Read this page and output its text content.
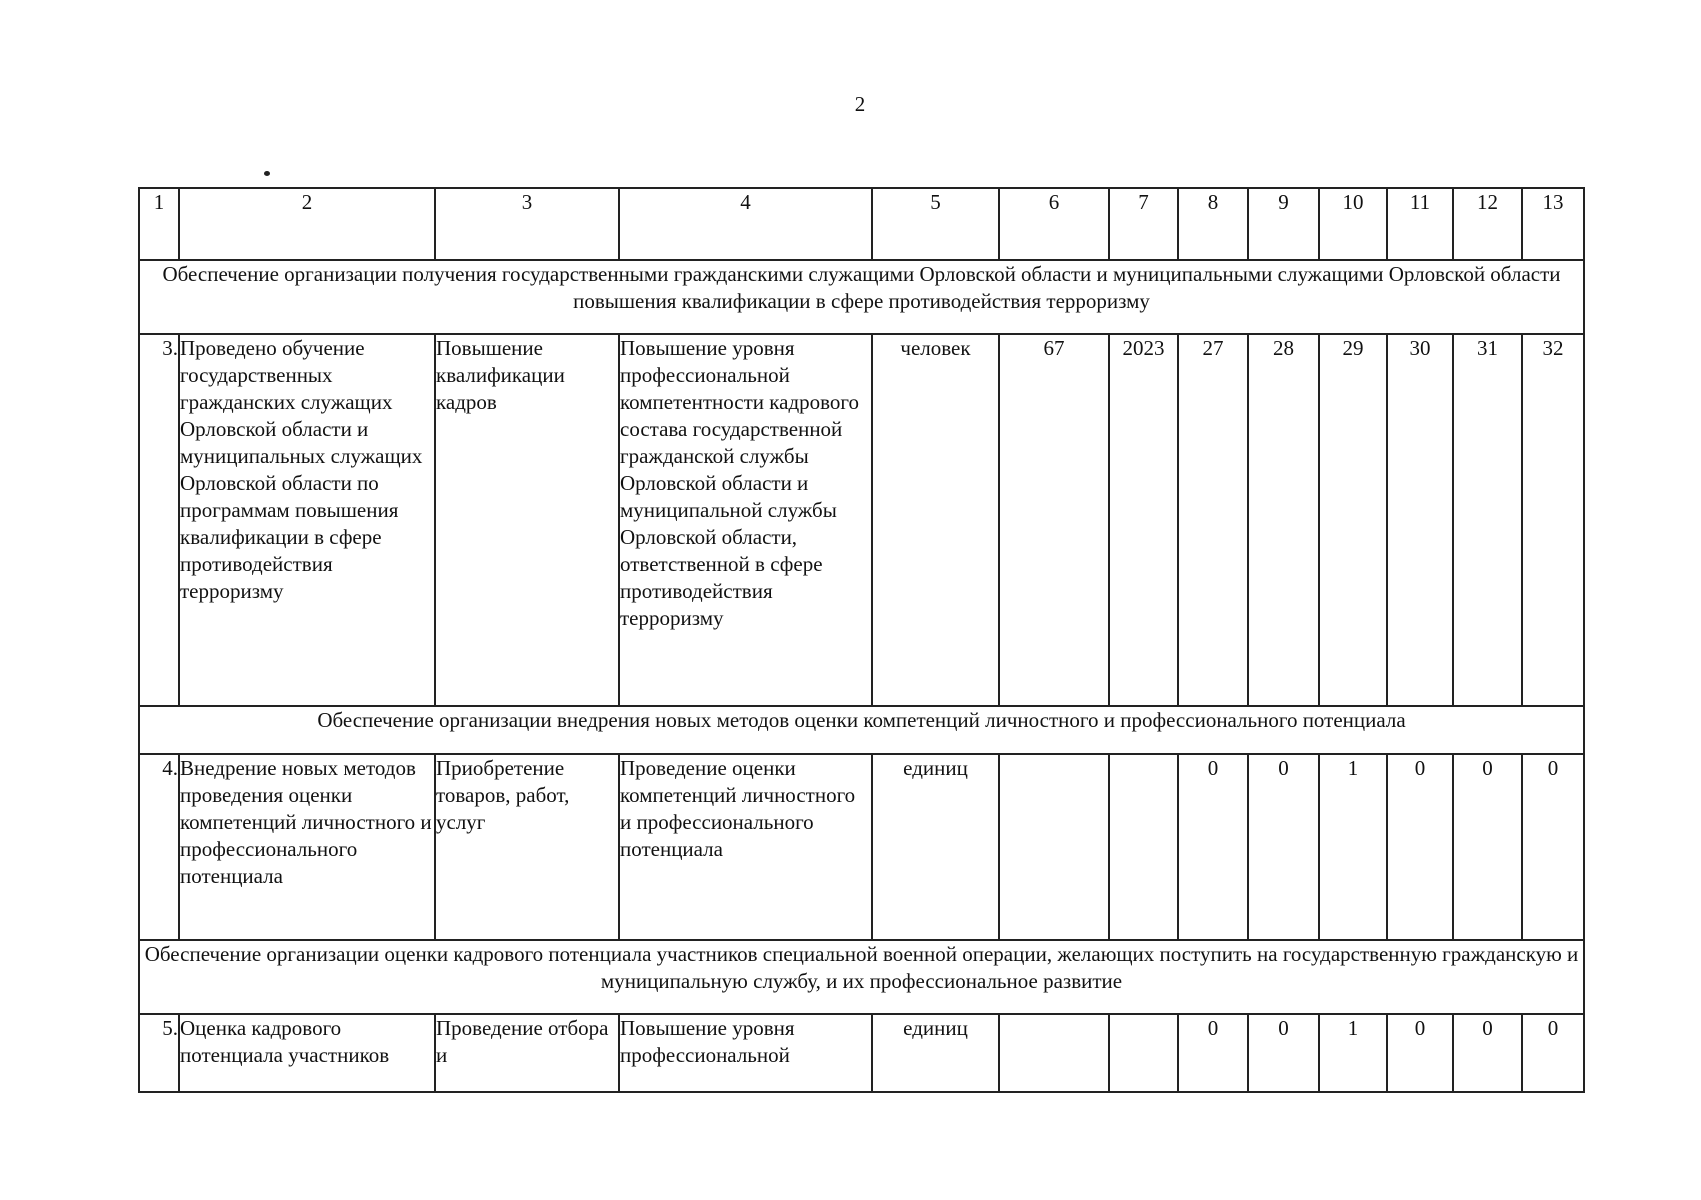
2
1	2	3	4	5	6	7	8	9	10	11	12	13
Обеспечение организации получения государственными гражданскими служащими Орловской области и муниципальными служащими Орловской области повышения квалификации в сфере противодействия терроризму												
3.	Проведено обучение государственных гражданских служащих Орловской области и муниципальных служащих Орловской области по программам повышения квалификации в сфере противодействия терроризму	Повышение квалификации кадров	Повышение уровня профессиональной компетентности кадрового состава государственной гражданской службы Орловской области и муниципальной службы Орловской области, ответственной в сфере противодействия терроризму	человек	67	2023	27	28	29	30	31	32
Обеспечение организации внедрения новых методов оценки компетенций личностного и профессионального потенциала												
4.	Внедрение новых методов проведения оценки компетенций личностного и профессионального потенциала	Приобретение товаров, работ, услуг	Проведение оценки компетенций личностного и профессионального потенциала	единиц			0	0	1	0	0	0
Обеспечение организации оценки кадрового потенциала участников специальной военной операции, желающих поступить на государственную гражданскую и муниципальную службу, и их профессиональное развитие												
5.	Оценка кадрового потенциала участников	Проведение отбора и	Повышение уровня профессиональной	единиц			0	0	1	0	0	0
